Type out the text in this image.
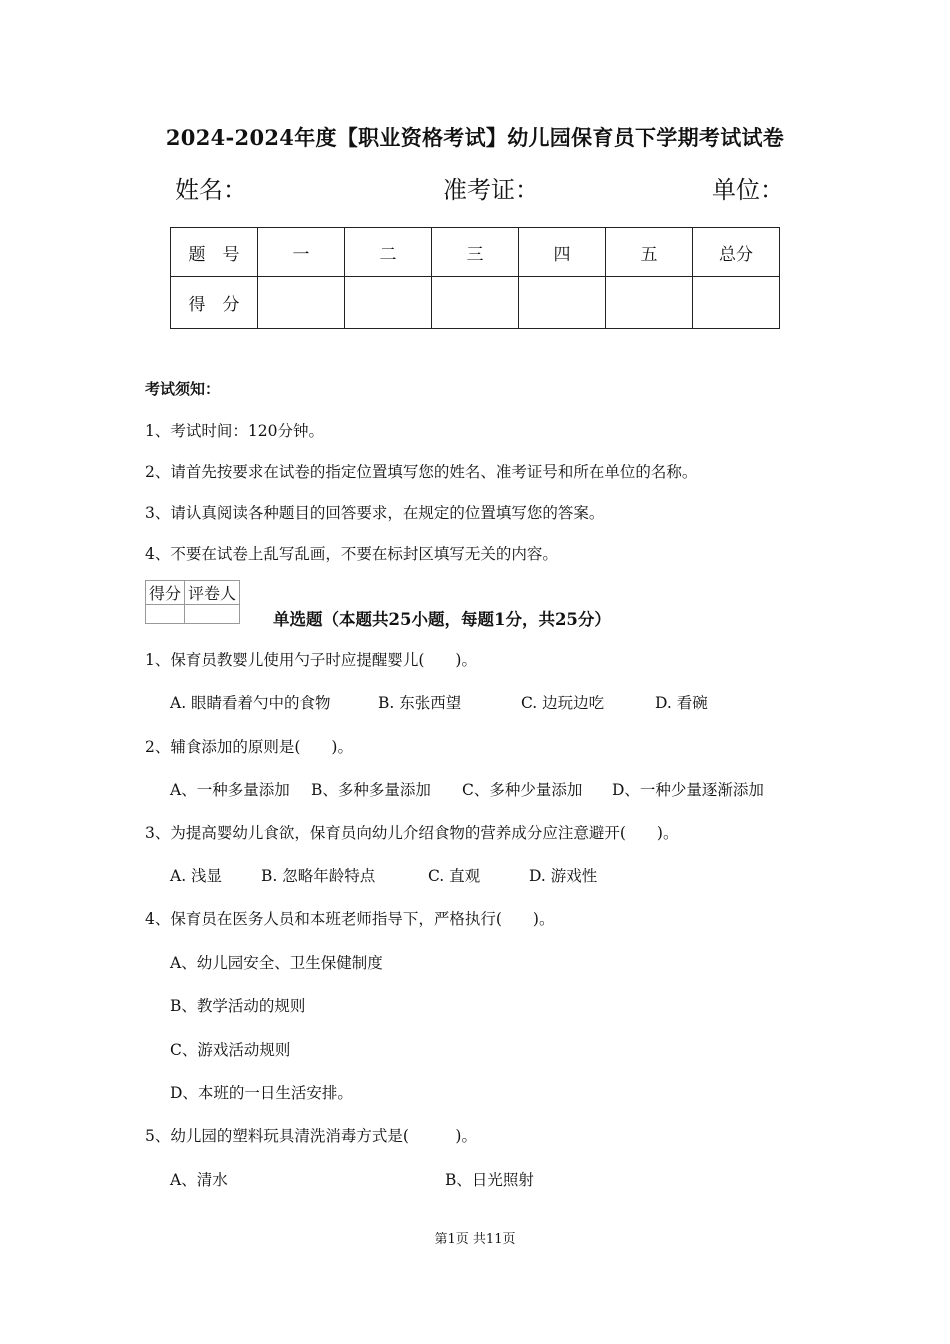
2024-2024年度【职业资格考试】幼儿园保育员下学期考试试卷
姓名：	准考证：	单位：
题　号	一	二	三	四	五	总分
得　分						
考试须知：
1、考试时间：120分钟。
2、请首先按要求在试卷的指定位置填写您的姓名、准考证号和所在单位的名称。
3、请认真阅读各种题目的回答要求，在规定的位置填写您的答案。
4、不要在试卷上乱写乱画，不要在标封区填写无关的内容。
得分	评卷人

单选题（本题共25小题，每题1分，共25分）
1、保育员教婴儿使用勺子时应提醒婴儿(　　)。
A. 眼睛看着勺中的食物	B. 东张西望	C. 边玩边吃	D. 看碗
2、辅食添加的原则是(　　)。
A、一种多量添加 B、多种多量添加 C、多种少量添加 D、一种少量逐渐添加
3、为提高婴幼儿食欲，保育员向幼儿介绍食物的营养成分应注意避开(　　)。
A. 浅显	B. 忽略年龄特点	C. 直观	D. 游戏性
4、保育员在医务人员和本班老师指导下，严格执行(　　)。
A、幼儿园安全、卫生保健制度
B、教学活动的规则
C、游戏活动规则
D、本班的一日生活安排。
5、幼儿园的塑料玩具清洗消毒方式是(　　　)。
A、清水	B、日光照射
第1页 共11页
